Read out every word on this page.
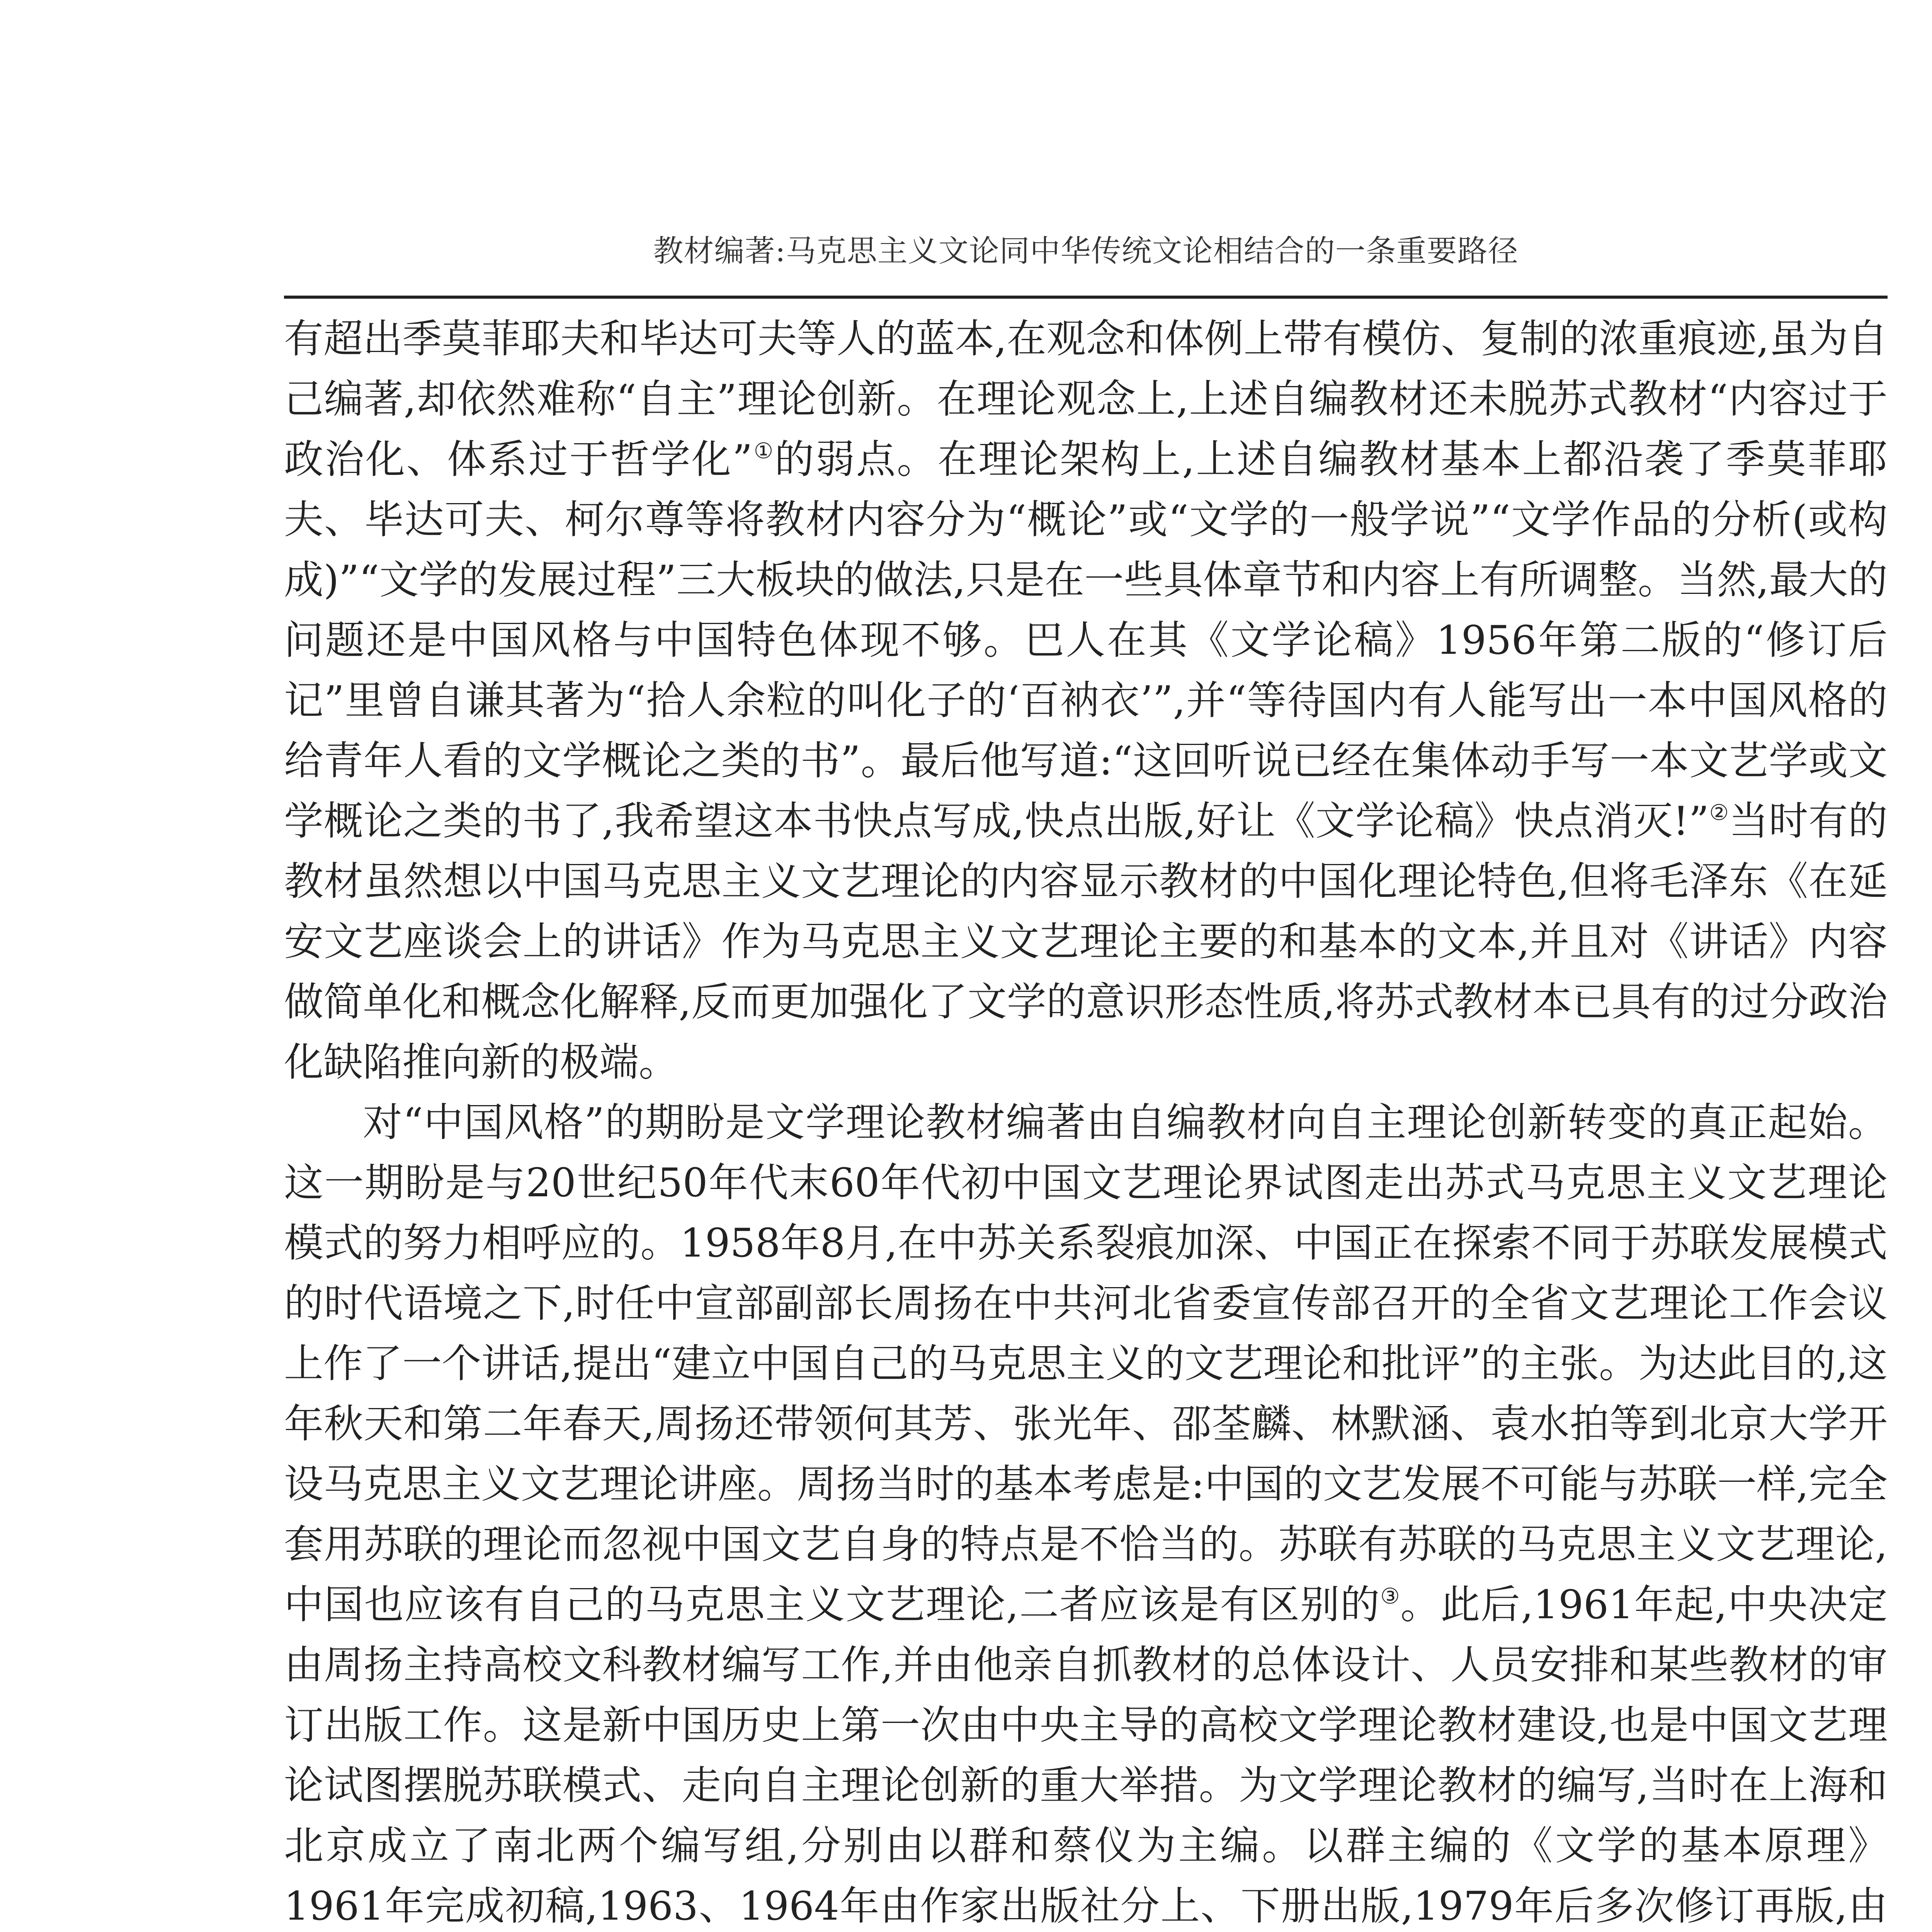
教材编著:马克思主义文论同中华传统文论相结合的一条重要路径

有超出季莫菲耶夫和毕达可夫等人的蓝本,在观念和体例上带有模仿、复制的浓重痕迹,虽为自己编著,却依然难称“自主”理论创新。在理论观念上,上述自编教材还未脱苏式教材“内容过于政治化、体系过于哲学化”①的弱点。在理论架构上,上述自编教材基本上都沿袭了季莫菲耶夫、毕达可夫、柯尔尊等将教材内容分为“概论”或“文学的一般学说”“文学作品的分析(或构成)”“文学的发展过程”三大板块的做法,只是在一些具体章节和内容上有所调整。当然,最大的问题还是中国风格与中国特色体现不够。巴人在其《文学论稿》1956年第二版的“修订后记”里曾自谦其著为“拾人余粒的叫化子的‘百衲衣’”,并“等待国内有人能写出一本中国风格的给青年人看的文学概论之类的书”。最后他写道:“这回听说已经在集体动手写一本文艺学或文学概论之类的书了,我希望这本书快点写成,快点出版,好让《文学论稿》快点消灭!”②当时有的教材虽然想以中国马克思主义文艺理论的内容显示教材的中国化理论特色,但将毛泽东《在延安文艺座谈会上的讲话》作为马克思主义文艺理论主要的和基本的文本,并且对《讲话》内容做简单化和概念化解释,反而更加强化了文学的意识形态性质,将苏式教材本已具有的过分政治化缺陷推向新的极端。

对“中国风格”的期盼是文学理论教材编著由自编教材向自主理论创新转变的真正起始。这一期盼是与20世纪50年代末60年代初中国文艺理论界试图走出苏式马克思主义文艺理论模式的努力相呼应的。1958年8月,在中苏关系裂痕加深、中国正在探索不同于苏联发展模式的时代语境之下,时任中宣部副部长周扬在中共河北省委宣传部召开的全省文艺理论工作会议上作了一个讲话,提出“建立中国自己的马克思主义的文艺理论和批评”的主张。为达此目的,这年秋天和第二年春天,周扬还带领何其芳、张光年、邵荃麟、林默涵、袁水拍等到北京大学开设马克思主义文艺理论讲座。周扬当时的基本考虑是:中国的文艺发展不可能与苏联一样,完全套用苏联的理论而忽视中国文艺自身的特点是不恰当的。苏联有苏联的马克思主义文艺理论,中国也应该有自己的马克思主义文艺理论,二者应该是有区别的③。此后,1961年起,中央决定由周扬主持高校文科教材编写工作,并由他亲自抓教材的总体设计、人员安排和某些教材的审订出版工作。这是新中国历史上第一次由中央主导的高校文学理论教材建设,也是中国文艺理论试图摆脱苏联模式、走向自主理论创新的重大举措。为文学理论教材的编写,当时在上海和北京成立了南北两个编写组,分别由以群和蔡仪为主编。以群主编的《文学的基本原理》1961年完成初稿,1963、1964年由作家出版社分上、下册出版,1979年后多次修订再版,由
